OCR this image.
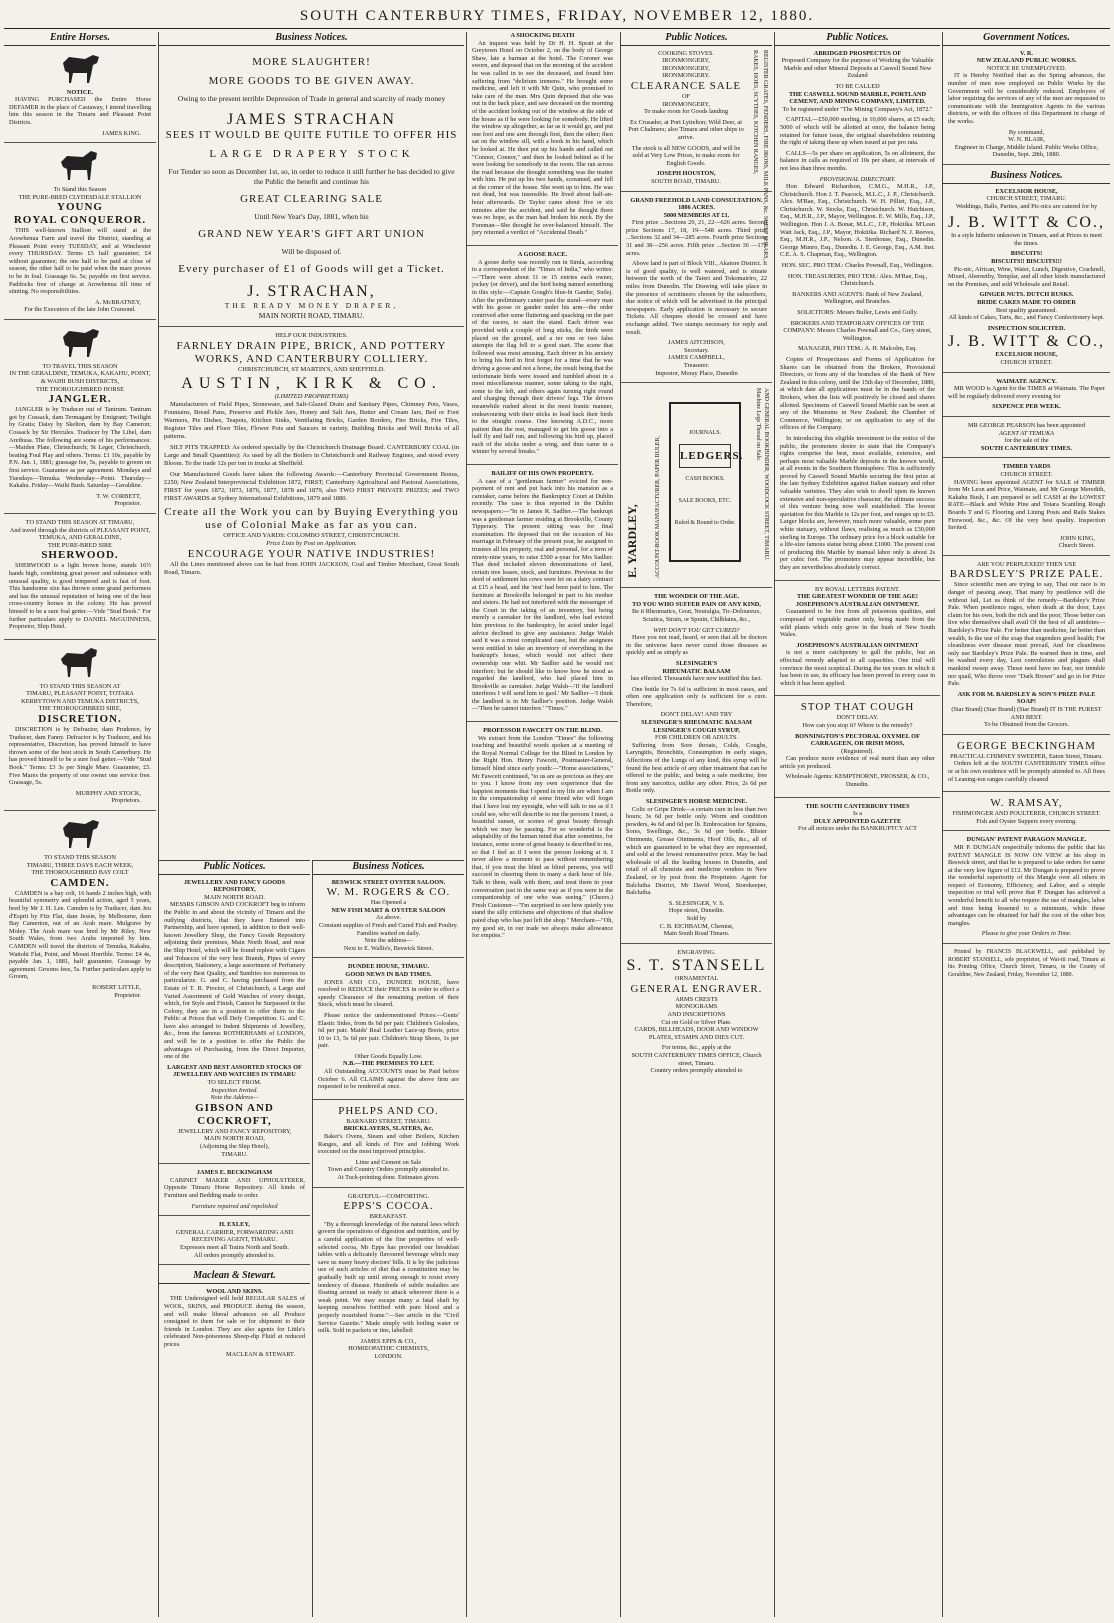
SOUTH CANTERBURY TIMES, FRIDAY, NOVEMBER 12, 1880.
Entire Horses.
NOTICE.

HAVING PURCHASED the Entire Horse DEFAMER in the place of Castaway, I intend travelling him this season in the Timaru and Pleasant Point Districts.

JAMES KING.
To Stand this Season
THE PURE-BRED CLYDESDALE STALLION
YOUNG
ROYAL CONQUEROR.

THIS well-known Stallion will stand at the Arowhenua Farm and travel the District, standing at Pleasant Point every TUESDAY, and at Winchester every THURSDAY. Terms £5 half guarantee; £4 without guarantee; the one half to be paid at close of season, the other half to be paid when the mare proves to be in foal. Grassage 6s. 5s; payable on first service. Paddocks free of charge at Arowhenua till time of stinting. No responsibilities.

A. McBRATNEY,
For the Executors of the late John Cramond.
TO TRAVEL THIS SEASON
IN THE GERALDINE, TEMUKA, KAKAHU, POINT, & WAIHI BUSH DISTRICTS,
THE THOROUGHBRED HORSE
JANGLER.

JANGLER is by Traducer out of Tantrum. Tantrum got by Cossack, dam Termagant by Emigrant; Twilight by Gratis; Daisy by Skelton, dam by Bay Cameron; Cossack by Sir Hercules. Traducer by The Libel, dam Arethusa. The following are some of his performances:—Maiden Plate, Christchurch; St Leger, Christchurch, beating Foul Play and others. Terms: £1 10s, payable by P.N. Jan. 1, 1881; grassage fee, 5s, payable to groom on first service. Guarantee as per agreement. Mondays and Tuesdays—Temuka. Wednesday—Point. Thursday—Kakahu. Friday—Waihi Bush. Saturday—Geraldine.

T. W. CORBETT,
Proprietor.
TO STAND THIS SEASON AT TIMARU,
And travel through the districts of PLEASANT POINT, TEMUKA, AND GERALDINE,
THE PURE-BRED SIRE
SHERWOOD.

SHERWOOD is a light brown horse, stands 16½ hands high, combining great power and substance with unusual quality, is good tempered and is fast of foot. This handsome size has thrown some grand performers and has the unusual reputation of being one of the best cross-country horses in the colony. He has proved himself to be a sure foal getter.—Vide "Stud Book." For further particulars apply to DANIEL McGUINNESS, Proprietor, Ship Hotel.

TO STAND THIS SEASON AT
TIMARU, PLEASANT POINT, TOTARA KERRYTOWN AND TEMUKA DISTRICTS,
THE THOROUGHBRED SIRE,
DISCRETION.

DISCRETION is by Defractor, dam Prudence, by Traducer, dam Fanny. Defractor is by Traducer, and his representative, Discretion, has proved himself to have thrown some of the best stock in South Canterbury. He has proved himself to be a sure foal getter.—Vide "Stud Book." Terms: £3 3s per Single Mare. Guarantee, £5. Five Mares the property of one owner one service free. Grassage, 5s.

MURPHY AND STOCK,
Proprietors.
TO STAND THIS SEASON
TIMARU, THREE DAYS EACH WEEK,
THE THOROUGHBRED BAY COLT
CAMDEN.

CAMDEN is a bay colt, 16 hands 2 inches high, with beautiful symmetry and splendid action, aged 5 years, bred by Mr J. H. Lee. Camden is by Traducer, dam Jeu d'Esprit by Fitz Flat, dam Jessie, by Melbourne, dam Bay Camerton, out of an Arab mare. Mulgrave by Moley. The Arab mare was bred by Mr Riley, New South Wales, from two Arabs imported by him. CAMDEN will travel the districts of Temuka, Kakahu, Waitohi Flat, Point, and Mount Horrible. Terms: £4 4s, payable Jan. 1, 1881, half guarantee. Grassage by agreement. Grooms fees, 5s. Further particulars apply to Groom,

ROBERT LITTLE,
Proprietor.
Business Notices.
MORE SLAUGHTER!
MORE GOODS TO BE GIVEN AWAY.
Owing to the present terrible Depression of Trade in general and scarcity of ready money
JAMES STRACHAN
SEES IT WOULD BE QUITE FUTILE TO OFFER HIS
LARGE DRAPERY STOCK
For Tender so soon as December 1st, so, in order to reduce it still further he has decided to give the Public the benefit and continue his
GREAT CLEARING SALE
Until New Year's Day, 1881, when his
GRAND NEW YEAR'S GIFT ART UNION
Will be disposed of.
Every purchaser of £1 of Goods will get a Ticket.
J. STRACHAN,
THE READY MONEY DRAPER,
MAIN NORTH ROAD, TIMARU.
HELP OUR INDUSTRIES.
FARNLEY DRAIN PIPE, BRICK, AND POTTERY WORKS, AND CANTERBURY COLLIERY.
CHRISTCHURCH, ST MARTIN'S, AND SHEFFIELD.
AUSTIN, KIRK & CO.
(LIMITED PROPRIETORS)

Manufacturers of Field Pipes, Stoneware, and Salt-Glazed Drain and Sanitary Pipes, Chimney Pots, Vases, Fountains, Bread Pans, Preserve and Pickle Jars, Honey and Salt Jars, Butter and Cream Jars, Bed or Foot Warmers, Pie Dishes, Teapots, Kitchen Sinks, Ventilating Bricks, Garden Borders, Fire Bricks, Fire Tiles, Register Tiles and Floor Tiles, Flower Pots and Saucers in variety, Building Bricks and Well Bricks of all patterns.

SILT PITS TRAPPED: As ordered specially by the Christchurch Drainage Board. CANTERBURY COAL (in Large and Small Quantities): As used by all the Boilers in Christchurch and Railway Engines, and stood every Bloom. To the trade 12s per ton in trucks at Sheffield.

Our Manufactured Goods have taken the following Awards:—Canterbury Provincial Government Bonus, £250; New Zealand Interprovincial Exhibition 1872, FIRST; Canterbury Agricultural and Pastoral Associations, FIRST for years 1872, 1873, 1876, 1877, 1878 and 1879, also TWO FIRST PRIVATE PRIZES; and TWO FIRST AWARDS at Sydney International Exhibitions, 1879 and 1880.

Create all the Work you can by Buying Everything you use of Colonial Make as far as you can.
OFFICE AND YARDS: COLOMBO STREET, CHRISTCHURCH.
Price Lists by Post on Application.
ENCOURAGE YOUR NATIVE INDUSTRIES!

All the Lines mentioned above can be had from JOHN JACKSON, Coal and Timber Merchant, Great South Road, Timaru.

Public Notices.
JEWELLERY AND FANCY GOODS REPOSITORY,
MAIN NORTH ROAD.

MESSRS GIBSON AND COCKROFT beg to inform the Public in and about the vicinity of Timaru and the outlying districts, that they have Entered into Partnership, and have opened, in addition to their well-known Jewellery Shop, the Fancy Goods Repository adjoining their premises, Main North Road, and near the Ship Hotel, which will be found replete with Cigars and Tobaccos of the very best Brands, Pipes of every description, Stationery, a large assortment of Perfumery of the very Best Quality, and Sundries too numerous to particularize. G. and C. having purchased from the Estate of T. R. Proctor, of Christchurch, a Large and Varied Assortment of Gold Watches of every design, which, for Style and Finish, Cannot be Surpassed in the Colony, they are in a position to offer them to the Public at Prices that will Defy Competition. G. and C. have also arranged to Indent Shipments of Jewellery, &c., from the famous ROTHERHAMS of LONDON, and will be in a position to offer the Public the advantages of Purchasing, from the Direct Importer, one of the

LARGEST AND BEST ASSORTED STOCKS OF JEWELLERY AND WATCHES IN TIMARU
TO SELECT FROM.
Inspection Invited.
Note the Address—
GIBSON AND COCKROFT,
JEWELLERY AND FANCY REPOSITORY,
MAIN NORTH ROAD,
(Adjoining the Ship Hotel),
TIMARU.
JAMES E. BECKINGHAM

CABINET MAKER AND UPHOLSTERER, Opposite Timaru Horse Repository. All kinds of Furniture and Bedding made to order.

Furniture repaired and repolished
H. EXLEY,
GENERAL CARRIER, FORWARDING AND RECEIVING AGENT, TIMARU.
Expresses meet all Trains North and South.
All orders promptly attended to.
Maclean & Stewart.
WOOL AND SKINS.

THE Undersigned will hold REGULAR SALES of WOOL, SKINS, and PRODUCE during the season, and will make liberal advances on all Produce consigned to them for sale or for shipment to their friends in London. They are also agents for Little's celebrated Non-poisonous Sheep-dip Fluid at reduced prices.

MACLEAN & STEWART.
Business Notices.
BESWICK STREET OYSTER SALOON.
W. M. ROGERS & CO.
Has Opened a
NEW FISH MART & OYSTER SALOON
As above.
Constant supplies of Fresh and Cured Fish and Poultry.
Families waited on daily.
Note the address—
Next to E. Wallis's, Beswick Street.
DUNDEE HOUSE, TIMARU.
GOOD NEWS IN BAD TIMES.

JONES AND CO., DUNDEE HOUSE, have resolved to REDUCE their PRICES in order to effect a speedy Clearance of the remaining portion of their Stock, which must be cleared.

Please notice the undermentioned Prices:—Gents' Elastic Sides, from 8s 6d per pair. Children's Goloshes, 6d per pair. Maids' Real Leather Lace-up Boots, price 10 to 13, 5s 6d per pair. Children's Strap Shoes, 1s per pair.

Other Goods Equally Low.
N.B.—THE PREMISES TO LET.

All Outstanding ACCOUNTS must be Paid before October 6. All CLAIMS against the above firm are requested to be rendered at once.

PHELPS AND CO.
BARNARD STREET, TIMARU.
BRICKLAYERS, SLATERS, &c.

Baker's Ovens, Steam and other Boilers, Kitchen Ranges, and all kinds of Fire and Jobbing Work executed on the most improved principles.

Lime and Cement on Sale
Town and Country Orders promptly attended to.
At Tuck-pointing done. Estimates given.
GRATEFUL—COMFORTING.
EPPS'S COCOA.
BREAKFAST.

"By a thorough knowledge of the natural laws which govern the operations of digestion and nutrition, and by a careful application of the fine properties of well-selected cocoa, Mr Epps has provided our breakfast tables with a delicately flavoured beverage which may save us many heavy doctors' bills. It is by the judicious use of such articles of diet that a constitution may be gradually built up until strong enough to resist every tendency of disease. Hundreds of subtle maladies are floating around us ready to attack wherever there is a weak point. We may escape many a fatal shaft by keeping ourselves fortified with pure blood and a properly nourished frame."—See article in the "Civil Service Gazette." Made simply with boiling water or milk. Sold in packets or tins, labelled:

JAMES EPPS & CO.,
HOMŒOPATHIC CHEMISTS,
LONDON.
A SHOCKING DEATH

An inquest was held by Dr H. H. Spratt at the Greytown Hotel on October 2, on the body of George Shaw, late a barman at the hotel. The Coroner was sworn, and deposed that on the morning of the accident he was called in to see the deceased, and found him suffering from "delirium tremens." He brought some medicine, and left it with Mr Quin, who promised to take care of the man. Mrs Quin deposed that she was out in the back place, and saw deceased on the morning of the accident looking out of the window at the side of the house as if he were looking for somebody. He lifted the window up altogether, as far as it would go, and put one foot and one arm through first, then the other; then sat on the window sill, with a book in his hand, which he looked at. He then put up his hands and called out "Connor, Connor," and then he looked behind as if he were looking for somebody in the room. She ran across the road because she thought something was the matter with him. He put up his two hands, screamed, and fell at the corner of the house. She went up to him. He was not dead, but was insensible. He lived about half-an-hour afterwards. Dr Taylor came about five or six minutes after the accident, and said he thought there was no hope, as the man had broken his neck. By the Foreman—She thought he over-balanced himself. The jury returned a verdict of "Accidental Death."

A GOOSE RACE.

A goose derby was recently run in Simla, according to a correspondent of the "Times of India," who writes:—"There were about 11 or 15 entries each owner, jockey (or driver), and the bird being named something in this style:—Captain Gough's blue-bi Gander, Sutlej. After the preliminary canter past the stand—every man with his goose or gander under his arm—the order contrived after some fluttering and quacking on the part of the racers, to start the stand. Each driver was provided with a couple of long sticks, the birds were placed on the ground, and a ter one or two false attempts the flag fell to a good start. The scene that followed was most amusing. Each driver in his anxiety to bring his bird in first forgot for a time that he was driving a goose and not a horse, the result being that the unfortunate birds were tossed and tumbled about in a most miscellaneous manner, some taking to the right, some to the left, and others again turning right round and charging through their drivers' legs. The drivers meanwhile rushed about in the most frantic manner, endeavouring with their sticks to lead back their birds to the straight course. One knowing A.D.C., more patient than the rest, managed to get his goose into a half fly and half run, and following his bird up, placed each of the sticks under a wing, and thus came in a winner by several breaks."

BAILIFF OF HIS OWN PROPERTY.

A case of a "gentleman farmer" evicted for non-payment of rent and put back into his mansion as a caretaker, came before the Bankruptcy Court at Dublin recently. The case is thus reported in the Dublin newspapers:—"In re James R. Sadlier.—The bankrupt was a gentleman farmer residing at Brookville, County Tipperary. The present sitting was for final examination. He deposed that on the occasion of his marriage in February of the present year, he assigned to trustees all his property, real and personal, for a term of ninety-nine years, to raise £500 a-year for Mrs Sadlier. That deed included eleven denominations of land, certain tree leases, stock, and furniture. Previous to the deed of settlement his cows were let on a dairy contract at £15 a head, and the 'rest' had been paid to him. The furniture at Brookville belonged in part to his mother and sisters. He had not interfered with the messenger of the Court in the taking of an inventory, but being merely a caretaker for the landlord, who had evicted him previous to the bankruptcy, he acted under legal advice declined to give any assistance. Judge Walsh said it was a most complicated case, but the assignees were entitled to take an inventory of everything in the bankrupt's house, which would not affect their ownership one whit. Mr Sadlier said he would not interfere; but he should like to know how he stood as regarded the landlord, who had placed him in Brookville as caretaker. Judge Walsh—'If the landlord interferes I will send him to gaol.' Mr Sadlier—'I think the landlord is in Mr Sadlier's position. Judge Walsh—'Then he cannot interfere.' "Times."

PROFESSOR FAWCETT ON THE BLIND.

We extract from the London "Times" the following touching and beautiful words spoken at a meeting of the Royal Normal College for the Blind in London by the Right Hon. Henry Fawcett, Postmaster-General, himself blind since early youth:—"Home associations," Mr Fawcett continued, "to us are as precious as they are to you. I know from my own experience that the happiest moments that I spend in my life are when I am in the companionship of some friend who will forget that I have lost my eyesight, who will talk to me as if I could see, who will describe to me the persons I meet, a beautiful sunset, or scenes of great beauty through which we may be passing. For so wonderful is the adaptability of the human mind that after sometime, for instance, some scene of great beauty is described to me, so that I feel as if I were the person looking at it. I never allow a moment to pass without remembering that, if you treat the blind as blind persons, you will succeed in cheering them in many a dark hour of life. Talk to them, walk with them, and treat them in your conversation just in the same way as if you were in the companionship of one who was seeing." (Cheers.) Fresh Customer—"I'm surprised to see how quietly you stand the silly criticisms and objections of that shallow pated chap who has just left the shop." Merchant—"Oh, my good sir, in our trade we always make allowance for empties."

Public Notices.
COOKING STOVES.
IRONMONGERY,
IRONMONGERY,
IRONMONGERY.
CLEARANCE SALE
OF
IRONMONGERY,

To make room for Goods landing

Ex Crusader, at Port Lyttelton; Wild Deer, at Port Chalmers; also Timaru and other ships to arrive.

The stock is all NEW GOODS, and will be sold at Very Low Prices, to make room for English Goods.

JOSEPH HOUSTON,
SOUTH ROAD, TIMARU.	REGISTER GRATES, FENDERS, FIRE IRONS, MILK PANS, &c. SHEEP SHEARS, RAKES, HOES, SCYTHES, KITCHEN RANGES,
GRAND FREEHOLD LAND CONSULTATION.
1886 ACRES.
5000 MEMBERS AT £1.

First prize ...Sections 20, 21, 22—626 acres. Second prize Sections 17, 18, 19—548 acres. Third prize ...Sections 32 and 34—285 acres. Fourth prize Sections 31 and 38—256 acres. Fifth prize ...Section 36 —171 acres.

Above land is part of Block VIII., Akatore District. It is of good quality, is well watered, and is situate between the north of the Taieri and Tokomairiro, 22 miles from Dunedin. The Drawing will take place in the presence of scrutineers chosen by the subscribers, due notice of which will be advertised in the principal newspapers. Early application is necessary to secure Tickets. All cheques should be crossed and have exchange added. Two stamps necessary for reply and result.

JAMES AITCHISON,
Secretary.
JAMES CAMPBELL,
Treasurer.
Impostor, Moray Place, Dunedin
E. YARDLEY,	ACCOUNT-BOOK MANUFACTURER, PAPER RULER,
JOURNALS.
LEDGERS.
CASH BOOKS.
SALE BOOKS, ETC.
Ruled & Bound to Order.	AND GENERAL BOOKBINDER, WOODCOCK STREET, TIMARU. Machine Legs Thread on Sale.
THE WONDER OF THE AGE.
TO YOU WHO SUFFER PAIN OF ANY KIND,

Be it Rheumatics, Gout, Neuralgia, Tic-Doloureux, Sciatica, Strain, or Sprain, Chilblains, &c.,

WHY DON'T YOU GET CURED?

Have you not read, heard, or seen that all be doctors in the universe have never cured those diseases as quickly and as simply as

SLESINGER'S
RHEUMATIC BALSAM

has effected. Thousands have now testified this fact.

One bottle for 7s 6d is sufficient in most cases, and often one application only is sufficient for a cure. Therefore,

DON'T DELAY! AND TRY
SLESINGER'S RHEUMATIC BALSAM
LESINGER'S COUGH SYRUP,
FOR CHILDREN OR ADULTS.

Suffering from Sore throats, Colds, Coughs, Laryngitis, Bronchitis, Consumption in early stages, Affections of the Lungs of any kind, this syrup will be found the best article of any other treatment that can be offered to the public, and being a safe medicine, free from any narcotics, unlike any other. Price, 2s 6d per Bottle only.

SLESINGER'S HORSE MEDICINE.

Colic or Gripe Drink—a certain cure in less than two hours; 3s 6d per bottle only. Worm and condition powders, 4s 6d and 6d per lb. Embrocation for Sprains, Sores, Swellings, &c., 3s 6d per bottle. Blister Ointments, Grease Ointments, Hoof Oils, &c., all of which are guaranteed to be what they are represented, and sold at the lowest remunerative price. May be had wholesale of all the leading houses in Dunedin, and retail of all chemists and medicine vendors in New Zealand, or by post from the Proprietor. Agent for Balclutha District, Mr David Wood, Storekeeper, Balclutha.

S. SLESINGER, V. S.
Hope street, Dunedin.
Sold by
C. B. EICHBAUM, Chemist,
Main South Road Timaru.
ENGRAVING.
S. T. STANSELL
ORNAMENTAL
GENERAL ENGRAVER.
ARMS CRESTS
MONOGRAMS
AND INSCRIPTIONS
Cut on Gold or Silver Plate.

CARDS, BILLHEADS, DOOR AND WINDOW PLATES, STAMPS AND DIES CUT.

For terms, &c., apply at the
SOUTH CANTERBURY TIMES OFFICE, Church street, Timaru.
Country orders promptly attended to
Public Notices.
ABRIDGED PROSPECTUS OF

Proposed Company for the purpose of Working the Valuable Marble and other Mineral Deposits at Caswell Sound New Zealand

TO BE CALLED
THE CASWELL SOUND MARBLE, PORTLAND CEMENT, AND MINING COMPANY, LIMITED.

To be registered under "The Mining Company's Act, 1872."

CAPITAL—£50,000 sterling, in 10,000 shares, at £5 each; 5000 of which will be allotted at once, the balance being retained for future issue, the original shareholders retaining the right of taking these up when issued at par pro rata.

CALLS—5s per share on application, 5s on allotment, the balance in calls as required of 10s per share, at intervals of not less than three months.

PROVISIONAL DIRECTORY.

Hon Edward Richardson, C.M.G., M.H.R., J.P., Christchurch. Hon J. T. Peacock, M.L.C., J. P., Christchurch. Alex. M'Rae, Esq., Christchurch. W. H. Pilliet, Esq., J.P., Christchurch. W. Stocks, Esq., Christchurch. W. Hutchison, Esq., M.H.R., J.P., Mayor, Wellington. E. W. Mills, Esq., J.P., Wellington. Hon J. A. Bonar, M.L.C., J.P., Hokitika. M'Lean Watt Jack, Esq., J.P., Mayor, Hokitika. Richard N. J. Reeves, Esq., M.H.R., J.P., Nelson. A. Stenhouse, Esq., Dunedin. George Munro, Esq., Dunedin. J. E. George, Esq., A.M. Inst. C.E. A. S. Chapman, Esq., Wellington.

HON. SEC. PRO TEM.: Charles Pownall, Esq., Wellington.

HON. TREASURERS, PRO TEM.: Alex. M'Rae, Esq., Christchurch.

BANKERS AND AGENTS: Bank of New Zealand, Wellington, and Branches.

SOLICITORS: Messrs Buller, Lewis and Gully.

BROKERS AND TEMPORARY OFFICES OF THE COMPANY: Messrs Charles Pownall and Co., Grey street, Wellington.

MANAGER, PRO TEM.: A. H. Malcolm, Esq.

Copies of Prospectuses and Forms of Application for Shares can be obtained from the Brokers, Provisional Directors, or from any of the branches of the Bank of New Zealand in this colony, until the 15th day of December, 1880, at which date all applications must be in the hands of the Brokers, when the lists will positively be closed and shares allotted. Specimens of Caswell Sound Marble can be seen at any of the Museums in New Zealand; the Chamber of Commerce, Wellington; or on application to any of the officers of the Company.

In introducing this eligible investment to the notice of the public, the promoters desire to state that the Company's rights comprise the best, most available, extensive, and perhaps most valuable Marble deposits in the known world, at all events in the Southern Hemisphere. This is sufficiently proved by Caswell Sound Marble securing the first prize at the late Sydney Exhibition against Italian statuary and other valuable varieties. They also wish to dwell upon its known extensive and non-speculative character, the ultimate success of this venture being now well established. The lowest quotation for this Marble is 12s per foot, and ranges up to £5. Larger blocks are, however, much more valuable, some pure white statuary, without flaws, realising as much as £30,000 sterling in Europe. The ordinary price for a block suitable for a life-size famous statue being about £1000. The present cost of producing this Marble by manual labor only is about 2s per cubic foot. The promoters may appear incredible, but they are nevertheless absolutely correct.

BY ROYAL LETTERS PATENT.
THE GREATEST WONDER OF THE AGE!
JOSEPHSON'S AUSTRALIAN OINTMENT.

Guaranteed to be free from all poisonous qualities, and composed of vegetable matter only, being made from the wild plants which only grow in the bush of New South Wales.

JOSEPHSON'S AUSTRALIAN OINTMENT

is not a mere catchpenny to gull the public, but an effectual remedy adapted to all capacities. One trial will convince the most sceptical. During the ten years in which it has been in use, its efficacy has been proved in every case in which it has been applied.

STOP THAT COUGH
DON'T DELAY.

How can you stop it? Where is the remedy?

BONNINGTON'S PECTORAL OXYMEL OF CARRAGEEN, OR IRISH MOSS,
(Registered).

Can produce more evidence of real merit than any other article yet produced.

Wholesale Agents: KEMPTHORNE, PROSSER, & CO., Dunedin.

THE SOUTH CANTERBURY TIMES
Is a
DULY APPOINTED GAZETTE
For all notices under the BANKRUPTCY ACT
Government Notices.
V. R.
NEW ZEALAND PUBLIC WORKS.
NOTICE RE UNEMPLOYED.

IT is Hereby Notified that as the Spring advances, the number of men now employed on Public Works by the Government will be considerably reduced. Employers of labor requiring the services of any of the men are requested to communicate with the Immigration Agents in the various districts, or with the officers of this Department in charge of the works.

By command,
W. N. BLAIR,
Engineer in Charge, Middle Island. Public Works Office, Dunedin, Sept. 28th, 1880.
Business Notices.
EXCELSIOR HOUSE,
CHURCH STREET, TIMARU.

Weddings, Balls, Parties, and Pic-nics are catered for by

J. B. WITT & CO.,

In a style hitherto unknown in Timaru, and at Prices to meet the times.

BISCUITS!
BISCUITS!! BISCUITS!!!

Pic-nic, African, Wine, Water, Lunch, Digestive, Cracknell, Mixed, Abernethy, Templar, and all other kinds manufactured on the Premises, and sold Wholesale and Retail.

GINGER NUTS. DUTCH RUSKS.
BRIDE CAKES MADE TO ORDER
Best quality guaranteed.

All kinds of Cakes, Tarts, &c., and Fancy Confectionery kept.

INSPECTION SOLICITED.
J. B. WITT & CO.,
EXCELSIOR HOUSE,
CHURCH STREET.
WAIMATE AGENCY.

MR WOOD is Agent for the TIMES at Waimate. The Paper will be regularly delivered every evening for

SIXPENCE PER WEEK.
MR GEORGE PEARSON has been appointed
AGENT AT TEMUKA
for the sale of the
SOUTH CANTERBURY TIMES.
TIMBER YARDS
CHURCH STREET.

HAVING been appointed AGENT for SALE of TIMBER from Mr Leon and Price, Waimate, and Mr George Meredith, Kakahu Bush, I am prepared to sell CASH at the LOWEST RATE—Black and White Pine and Totara Scantling Rough Boards T and G Flooring and Lining Posts and Rails Stakes Firewood, &c., &c. Of the very best quality. Inspection Invited.

JOHN KING,
Church Street.
ARE YOU PERPLEXED? THEN USE
BARDSLEY'S PRIZE PALE.

Since scientific men are trying to say, That our race is in danger of passing away, That many by pestilence will die without fail, Let us think of the remedy—Bardsley's Prize Pale. When pestilence rages, when death at the door, Lays claim for his own, both the rich and the poor, Those better can live who themselves shall avail Of the best of all antidotes—Bardsley's Prize Pale. For better than medicine, far better than wealth, Is the use of the soap that engenders good health; For cleanliness ever disease must prevail, And for cleanliness only use Bardsley's Prize Pale. Be warned then in time, and be washed every day, Lest convulsions and plagues shall mankind sweep away. Those need have no fear, nor tremble nor quail, Who throw over "Dark Brown" and go in for Prize Pale.

ASK FOR M. BARDSLEY & SON'S PRIZE PALE SOAP!
(Star Brand) (Star Brand) (Star Brand) IT IS THE PUREST AND BEST.
To be Obtained from the Grocers.
GEORGE BECKINGHAM
PRACTICAL CHIMNEY SWEEPER, Eaton Street, Timaru.

Orders left at the SOUTH CANTERBURY TIMES office or at his own residence will be promptly attended to. All fines of Leaning-ton ranges carefully cleaned

W. RAMSAY,
FISHMONGER AND POULTERER, CHURCH STREET.
Fish and Oyster Suppers every evening.
DUNGAN' PATENT PARAGON MANGLE.

MR P. DUNGAN respectfully informs the public that his PATENT MANGLE IS NOW ON VIEW at his shop in Beswick street, and that he is prepared to take orders for same at the very low figure of £12. Mr Dungan is prepared to prove the wonderful superiority of this Mangle over all others in respect of Economy, Efficiency, and Labor, and a simple inspection or trial will prove that P. Dungan has achieved a wonderful benefit to all who require the use of mangles, labor and time being lessened to a minimum, while these advantages can be obtained for half the cost of the other box mangles.

Please to give your Orders in Time.

Printed by FRANCIS BLACKWELL, and published by ROBERT STANSELL, sole proprietor, of Wai-iti road, Timaru at his Printing Office, Church Street, Timaru, in the County of Geraldine, New Zealand, Friday, November 12, 1880.
